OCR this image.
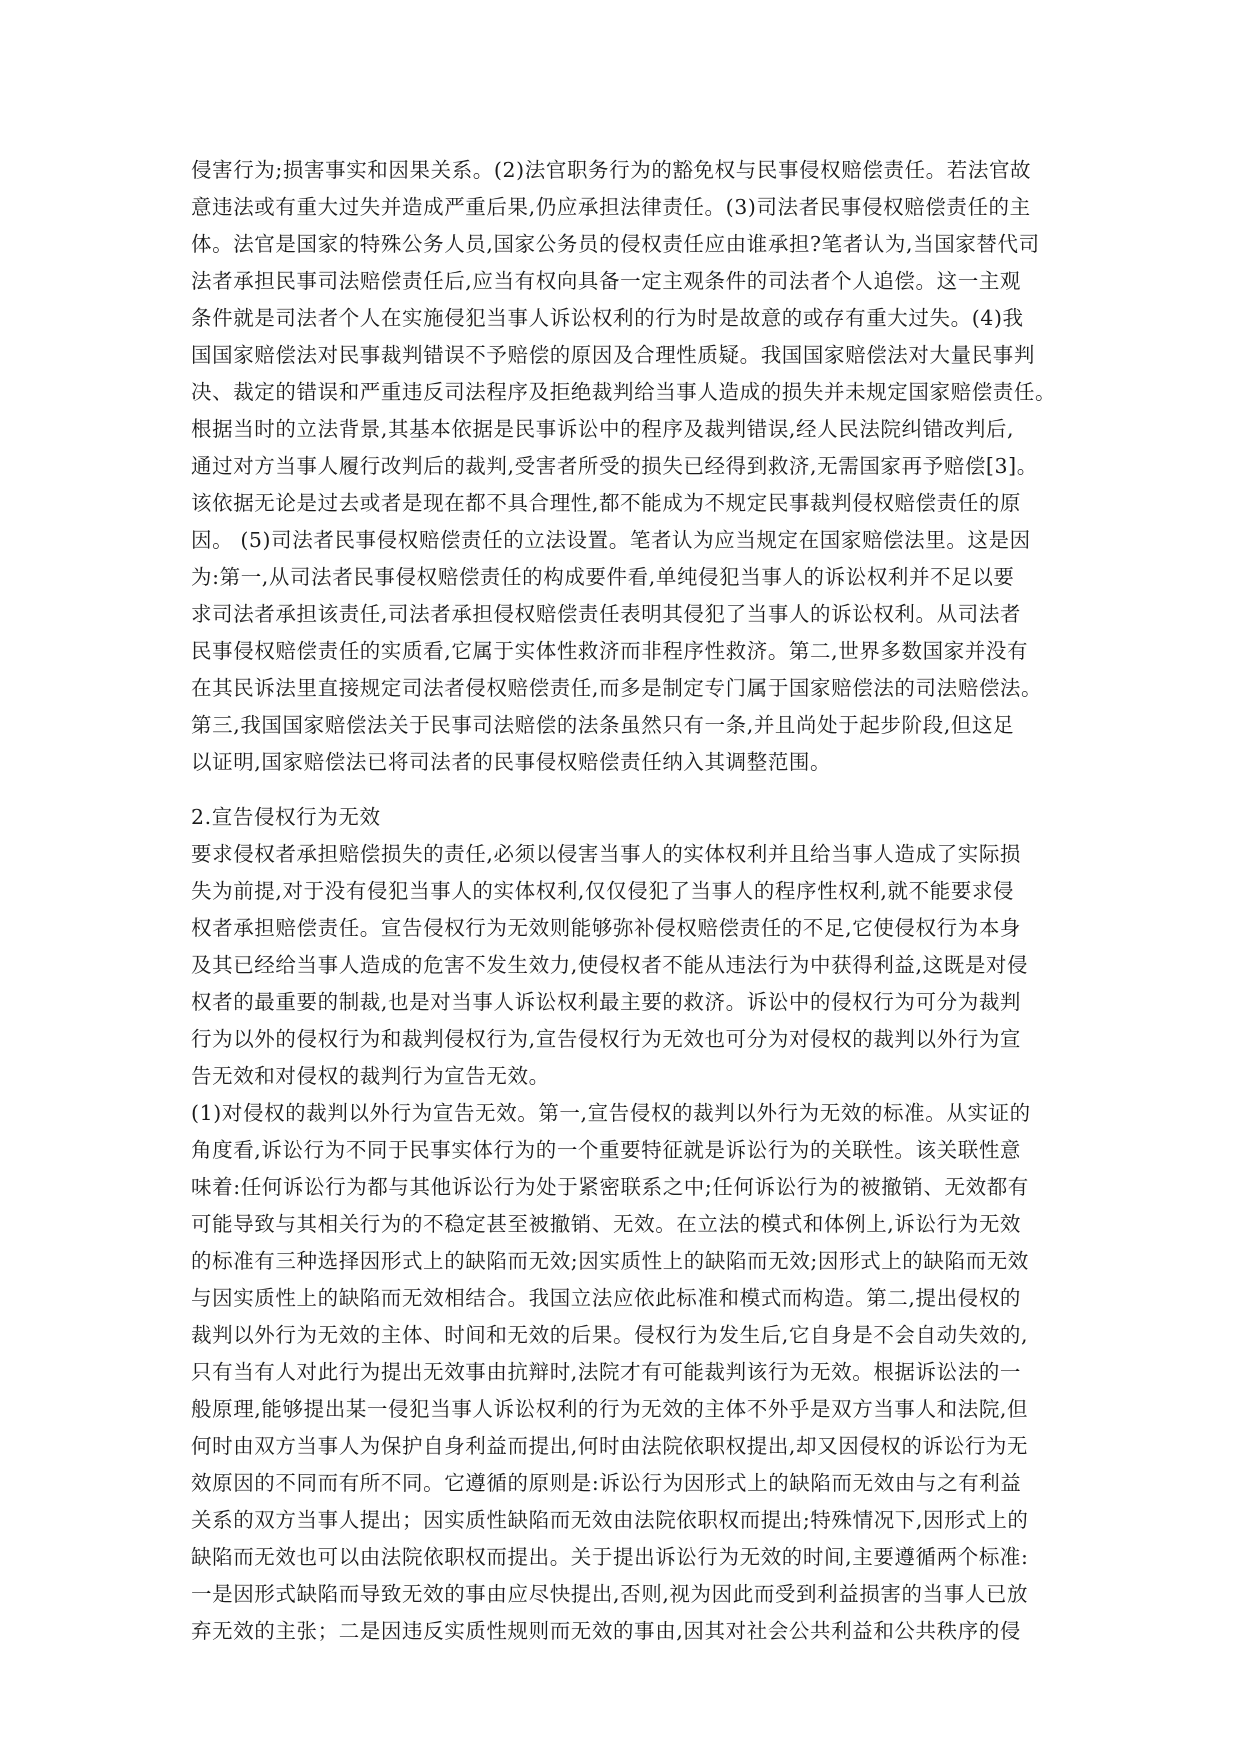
侵害行为;损害事实和因果关系。(2)法官职务行为的豁免权与民事侵权赔偿责任。若法官故
意违法或有重大过失并造成严重后果,仍应承担法律责任。(3)司法者民事侵权赔偿责任的主
体。法官是国家的特殊公务人员,国家公务员的侵权责任应由谁承担?笔者认为,当国家替代司
法者承担民事司法赔偿责任后,应当有权向具备一定主观条件的司法者个人追偿。这一主观
条件就是司法者个人在实施侵犯当事人诉讼权利的行为时是故意的或存有重大过失。(4)我
国国家赔偿法对民事裁判错误不予赔偿的原因及合理性质疑。我国国家赔偿法对大量民事判
决、裁定的错误和严重违反司法程序及拒绝裁判给当事人造成的损失并未规定国家赔偿责任。
根据当时的立法背景,其基本依据是民事诉讼中的程序及裁判错误,经人民法院纠错改判后,
通过对方当事人履行改判后的裁判,受害者所受的损失已经得到救济,无需国家再予赔偿[3]。
该依据无论是过去或者是现在都不具合理性,都不能成为不规定民事裁判侵权赔偿责任的原
因。 (5)司法者民事侵权赔偿责任的立法设置。笔者认为应当规定在国家赔偿法里。这是因
为:第一,从司法者民事侵权赔偿责任的构成要件看,单纯侵犯当事人的诉讼权利并不足以要
求司法者承担该责任,司法者承担侵权赔偿责任表明其侵犯了当事人的诉讼权利。从司法者
民事侵权赔偿责任的实质看,它属于实体性救济而非程序性救济。第二,世界多数国家并没有
在其民诉法里直接规定司法者侵权赔偿责任,而多是制定专门属于国家赔偿法的司法赔偿法。
第三,我国国家赔偿法关于民事司法赔偿的法条虽然只有一条,并且尚处于起步阶段,但这足
以证明,国家赔偿法已将司法者的民事侵权赔偿责任纳入其调整范围。
2.宣告侵权行为无效
要求侵权者承担赔偿损失的责任,必须以侵害当事人的实体权利并且给当事人造成了实际损
失为前提,对于没有侵犯当事人的实体权利,仅仅侵犯了当事人的程序性权利,就不能要求侵
权者承担赔偿责任。宣告侵权行为无效则能够弥补侵权赔偿责任的不足,它使侵权行为本身
及其已经给当事人造成的危害不发生效力,使侵权者不能从违法行为中获得利益,这既是对侵
权者的最重要的制裁,也是对当事人诉讼权利最主要的救济。诉讼中的侵权行为可分为裁判
行为以外的侵权行为和裁判侵权行为,宣告侵权行为无效也可分为对侵权的裁判以外行为宣
告无效和对侵权的裁判行为宣告无效。
(1)对侵权的裁判以外行为宣告无效。第一,宣告侵权的裁判以外行为无效的标准。从实证的
角度看,诉讼行为不同于民事实体行为的一个重要特征就是诉讼行为的关联性。该关联性意
味着:任何诉讼行为都与其他诉讼行为处于紧密联系之中;任何诉讼行为的被撤销、无效都有
可能导致与其相关行为的不稳定甚至被撤销、无效。在立法的模式和体例上,诉讼行为无效
的标准有三种选择因形式上的缺陷而无效;因实质性上的缺陷而无效;因形式上的缺陷而无效
与因实质性上的缺陷而无效相结合。我国立法应依此标准和模式而构造。第二,提出侵权的
裁判以外行为无效的主体、时间和无效的后果。侵权行为发生后,它自身是不会自动失效的,
只有当有人对此行为提出无效事由抗辩时,法院才有可能裁判该行为无效。根据诉讼法的一
般原理,能够提出某一侵犯当事人诉讼权利的行为无效的主体不外乎是双方当事人和法院,但
何时由双方当事人为保护自身利益而提出,何时由法院依职权提出,却又因侵权的诉讼行为无
效原因的不同而有所不同。它遵循的原则是:诉讼行为因形式上的缺陷而无效由与之有利益
关系的双方当事人提出；因实质性缺陷而无效由法院依职权而提出;特殊情况下,因形式上的
缺陷而无效也可以由法院依职权而提出。关于提出诉讼行为无效的时间,主要遵循两个标准:
一是因形式缺陷而导致无效的事由应尽快提出,否则,视为因此而受到利益损害的当事人已放
弃无效的主张；二是因违反实质性规则而无效的事由,因其对社会公共利益和公共秩序的侵
